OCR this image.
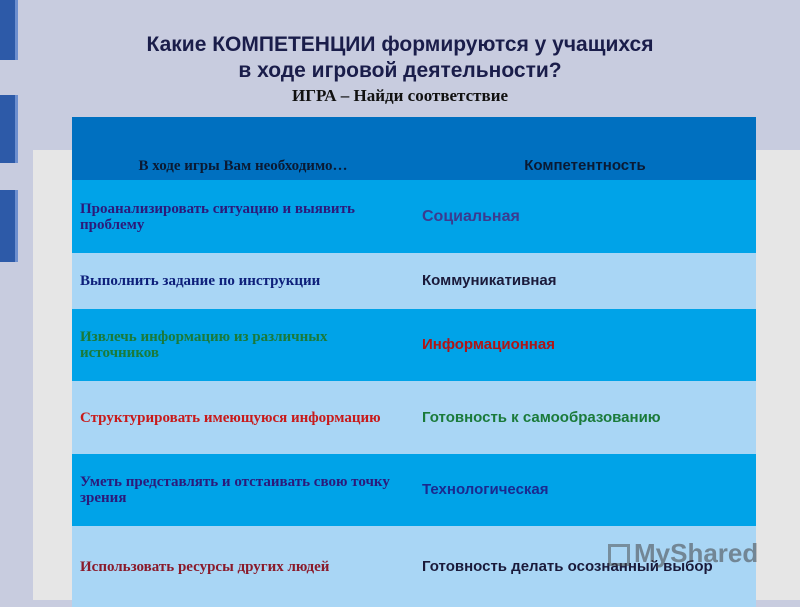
Какие КОМПЕТЕНЦИИ формируются у учащихся
в ходе игровой деятельности?
ИГРА – Найди соответствие
В ходе игры Вам необходимо…	Компетентность
Проанализировать ситуацию и выявить проблему	Социальная
Выполнить задание по инструкции	Коммуникативная
Извлечь информацию из различных источников	Информационная
Структурировать имеющуюся информацию	Готовность к самообразованию
Уметь представлять и отстаивать свою точку зрения	Технологическая
Использовать ресурсы других людей	Готовность делать осознанный выбор
MyShared
